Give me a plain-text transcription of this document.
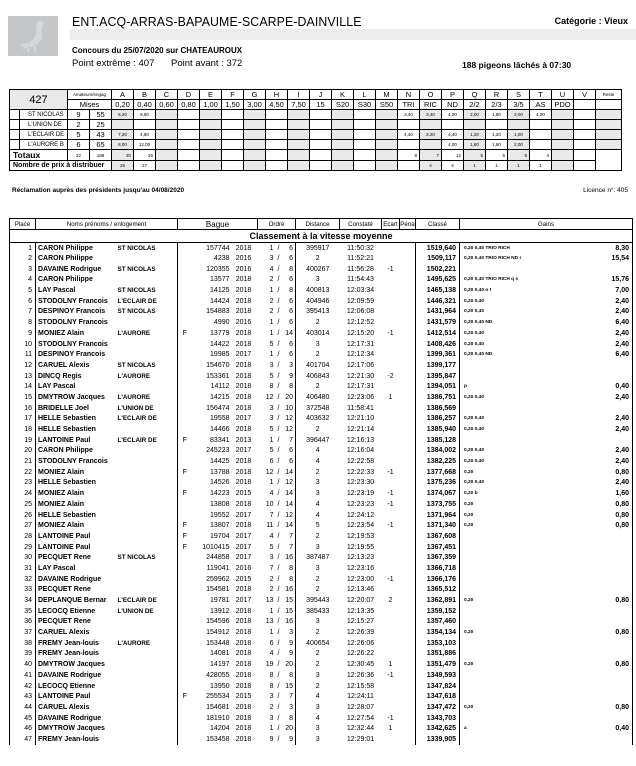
ENT.ACQ-ARRAS-BAPAUME-SCARPE-DAINVILLE	Catégorie : Vieux
Concours du 25/07/2020 sur CHATEAUROUX
Point extrême : 407 Point avant : 372	188 pigeons lâchés à 07:30
427		Amateurs/engag		A	B	C	D	E	F	G	H	I	J	K	L	M	N	O	P	Q	R	S	T	U	V	Reste
		Mises		0,20	0,40	0,60	0,80	1,00	1,50	3,00	4,50	7,50	15	S20	S30	S50	TRI	RIC	ND	2/2	2/3	3/5	AS	PDO		
	ST NICOLAS	9	55	5,20	9,60												3,40	3,40	4,00	2,00	1,80	2,00	4,00			
	L'UNION DE	2	25																							
	L'ECLAIR DE	5	43	7,20	4,80												4,40	3,20	4,40	1,20	1,20	1,00				
	L'AURORE B	6	65	8,00	12,00														4,00	1,60	1,80	2,00				
Totaux		22	188	20	26												8	7	12	5	5	5	4			
Nombre de prix à distribuer				26	17													4	4	1	1	1	1			
Réclamation auprès des présidents jusqu'au 04/08/2020	Licence n°: 405
Place	Noms prénoms / enlogement		Bague			Ordre			Distance	Constaté	Ecart	Péna	Classé	Gains	
Classement à la vitesse moyenne															
1	CARON Philippe	ST NICOLAS		157744	2018	1	/	6	395917	11:50:32			1519,640	0,20 0,40 TRIO RICH	8,30
2	CARON Philippe			4238	2016	3	/	6	2	11:52:21			1509,117	0,20 0,40 TRIO RICH ND r	15,54
3	DAVAINE Rodrigue	ST NICOLAS		120355	2016	4	/	8	400267	11:56:28	-1		1502,221		
4	CARON Philippe			13577	2018	2	/	6	3	11:54:43			1495,625	0,20 0,40 TRIO RICH q s	15,76
5	LAY Pascal	ST NICOLAS		14125	2018	1	/	8	400813	12:03:34			1465,138	0,20 0,40 o t	7,00
6	STODOLNY Francois	L'ECLAIR DE		14424	2018	2	/	6	404946	12:09:59			1446,321	0,20 0,40	2,40
7	DESPINOY Francois	ST NICOLAS		154883	2018	2	/	6	395413	12:06:08			1431,964	0,20 0,40	2,40
8	STODOLNY Francois			4990	2016	1	/	6	2	12:12:52			1431,579	0,20 0,40 ND	6,40
9	MONIEZ Alain	L'AURORE	F	13779	2018	1	/	14	403014	12:15:20	-1		1412,514	0,20 0,40	2,40
10	STODOLNY Francois			14422	2018	5	/	6	3	12:17:31			1408,426	0,20 0,40	2,40
11	DESPINOY Francois			19985	2017	1	/	6	2	12:12:34			1399,361	0,20 0,40 ND	6,40
12	CARUEL Alexis	ST NICOLAS		154670	2018	3	/	3	401704	12:17:06			1399,177		
13	DINCQ Regis	L'AURORE		153361	2018	5	/	9	406843	12:21:30	-2		1395,847		
14	LAY Pascal			14112	2018	8	/	8	2	12:17:31			1394,051	p	0,40
15	DMYTROW Jacques	L'AURORE		14215	2018	12	/	20	406480	12:23:06	1		1386,751	0,20 0,40	2,40
16	BRIDELLE Joel	L'UNION DE		156474	2018	3	/	10	372548	11:58:41			1386,569		
17	HELLE Sebastien	L'ECLAIR DE		19558	2017	3	/	12	403632	12:21:10			1386,257	0,20 0,40	2,40
18	HELLE Sebastien			14466	2018	5	/	12	2	12:21:14			1385,940	0,20 0,40	2,40
19	LANTOINE Paul	L'ECLAIR DE	F	83341	2013	1	/	7	396447	12:16:13			1385,128		
20	CARON Philippe			245223	2017	5	/	6	4	12:16:04			1384,002	0,20 0,40	2,40
21	STODOLNY Francois			14425	2018	6	/	6	4	12:22:58			1382,225	0,20 0,40	2,40
22	MONIEZ Alain		F	13788	2018	12	/	14	2	12:22:33	-1		1377,668	0,20	0,80
23	HELLE Sebastien			14526	2018	1	/	12	3	12:23:30			1375,236	0,20 0,40	2,40
24	MONIEZ Alain		F	14223	2015	4	/	14	3	12:23:19	-1		1374,067	0,20 b	1,60
25	MONIEZ Alain			13808	2018	10	/	14	4	12:23:23	-1		1373,755	0,20	0,80
26	HELLE Sebastien			19552	2017	7	/	12	4	12:24:12			1371,964	0,20	0,80
27	MONIEZ Alain		F	13807	2018	11	/	14	5	12:23:54	-1		1371,340	0,20	0,80
28	LANTOINE Paul		F	19704	2017	4	/	7	2	12:19:53			1367,608		
29	LANTOINE Paul		F	1010415	2017	5	/	7	3	12:19:55			1367,451		
30	PECQUET Rene	ST NICOLAS		244858	2017	3	/	16	387487	12:13:23			1367,359		
31	LAY Pascal			119041	2016	7	/	8	3	12:23:16			1366,718		
32	DAVAINE Rodrigue			259962	2015	2	/	8	2	12:23:00	-1		1366,176		
33	PECQUET Rene			154581	2018	2	/	16	2	12:13:46			1365,512		
34	DEPLANQUE Bernar	L'ECLAIR DE		19781	2017	13	/	15	395443	12:20:07	2		1362,891	0,20	0,80
35	LECOCQ Etienne	L'UNION DE		13912	2018	1	/	15	385433	12:13:35			1359,152		
36	PECQUET Rene			154596	2018	13	/	16	3	12:15:27			1357,460		
37	CARUEL Alexis			154912	2018	1	/	3	2	12:26:39			1354,134	0,20	0,80
38	FREMY Jean-louis	L'AURORE		153448	2018	6	/	9	400654	12:26:06			1353,103		
39	FREMY Jean-louis			14081	2018	4	/	9	2	12:26:22			1351,886		
40	DMYTROW Jacques			14197	2018	19	/	20	2	12:30:45	1		1351,479	0,20	0,80
41	DAVAINE Rodrigue			428055	2018	8	/	8	3	12:26:36	-1		1349,593		
42	LECOCQ Etienne			13950	2018	8	/	15	2	12:15:58			1347,824		
43	LANTOINE Paul		F	255534	2015	3	/	7	4	12:24:11			1347,618		
44	CARUEL Alexis			154681	2018	2	/	3	3	12:28:07			1347,472	0,20	0,80
45	DAVAINE Rodrigue			181910	2018	3	/	8	4	12:27:54	-1		1343,703		
46	DMYTROW Jacques			14204	2018	1	/	20	3	12:32:44	1		1342,625	a	0,40
47	FREMY Jean-louis			153458	2018	9	/	9	3	12:29:01			1339,905		
